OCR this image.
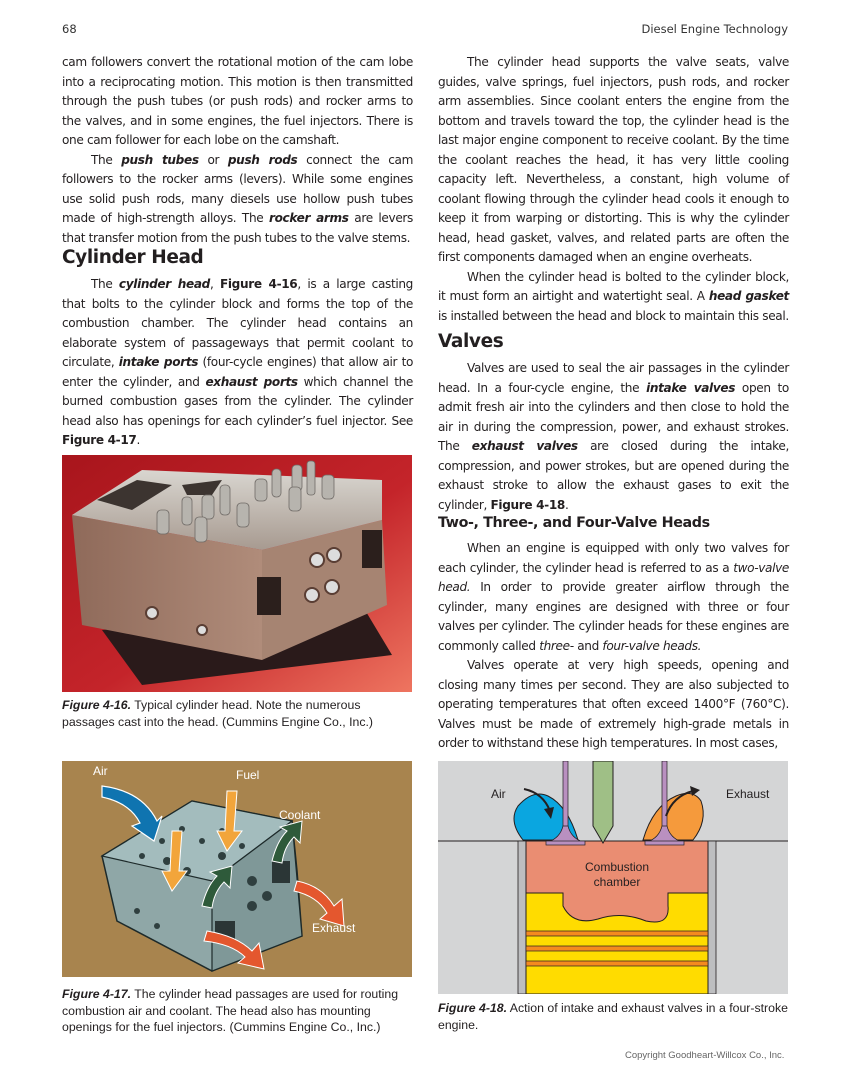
68	Diesel Engine Technology

cam followers convert the rotational motion of the cam lobe into a reciprocating motion. This motion is then transmitted through the push tubes (or push rods) and rocker arms to the valves, and in some engines, the fuel injectors. There is one cam follower for each lobe on the camshaft.

The push tubes or push rods connect the cam followers to the rocker arms (levers). While some engines use solid push rods, many diesels use hollow push tubes made of high-strength alloys. The rocker arms are levers that transfer motion from the push tubes to the valve stems.

Cylinder Head

The cylinder head, Figure 4-16, is a large casting that bolts to the cylinder block and forms the top of the combustion chamber. The cylinder head contains an elaborate system of passageways that permit coolant to circulate, intake ports (four-cycle engines) that allow air to enter the cylinder, and exhaust ports which channel the burned combustion gases from the cylinder. The cylinder head also has openings for each cylinder’s fuel injector. See Figure 4-17.

Figure 4-16. Typical cylinder head. Note the numerous passages cast into the head. (Cummins Engine Co., Inc.)
Air	Fuel
Coolant
Exhaust
Figure 4-17. The cylinder head passages are used for routing combustion air and coolant. The head also has mounting openings for the fuel injectors. (Cummins Engine Co., Inc.)

The cylinder head supports the valve seats, valve guides, valve springs, fuel injectors, push rods, and rocker arm assemblies. Since coolant enters the engine from the bottom and travels toward the top, the cylinder head is the last major engine component to receive coolant. By the time the coolant reaches the head, it has very little cooling capacity left. Nevertheless, a constant, high volume of coolant flowing through the cylinder head cools it enough to keep it from warping or distorting. This is why the cylinder head, head gasket, valves, and related parts are often the first components damaged when an engine overheats.

When the cylinder head is bolted to the cylinder block, it must form an airtight and watertight seal. A head gasket is installed between the head and block to maintain this seal.

Valves

Valves are used to seal the air passages in the cylinder head. In a four-cycle engine, the intake valves open to admit fresh air into the cylinders and then close to hold the air in during the compression, power, and exhaust strokes. The exhaust valves are closed during the intake, compression, and power strokes, but are opened during the exhaust stroke to allow the exhaust gases to exit the cylinder, Figure 4-18.

Two-, Three-, and Four-Valve Heads

When an engine is equipped with only two valves for each cylinder, the cylinder head is referred to as a two-valve head. In order to provide greater airflow through the cylinder, many engines are designed with three or four valves per cylinder. The cylinder heads for these engines are commonly called three- and four-valve heads.

Valves operate at very high speeds, opening and closing many times per second. They are also subjected to operating temperatures that often exceed 1400°F (760°C). Valves must be made of extremely high-grade metals in order to withstand these high temperatures. In most cases,

Air	Exhaust
Combustion
chamber
Figure 4-18. Action of intake and exhaust valves in a four-stroke engine.
Copyright Goodheart-Willcox Co., Inc.
